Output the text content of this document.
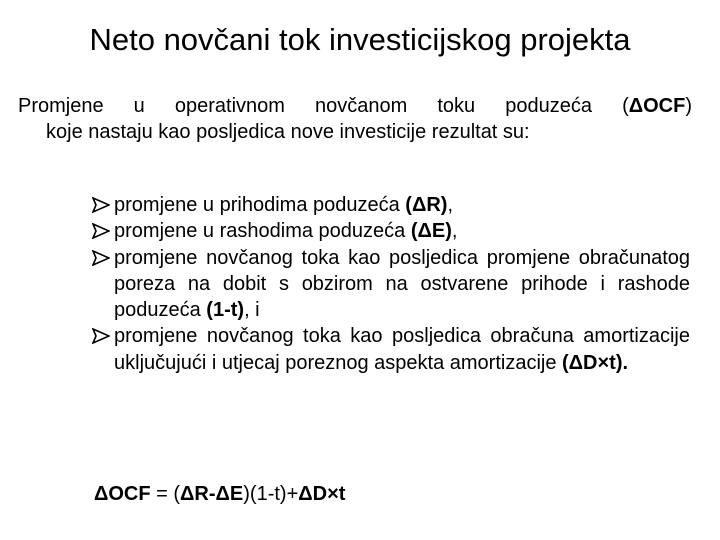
Neto novčani tok investicijskog projekta
Promjene u operativnom novčanom toku poduzeća (ΔOCF)
koje nastaju kao posljedica nove investicije rezultat su:
promjene u prihodima poduzeća (ΔR),
promjene u rashodima poduzeća (ΔE),
promjene novčanog toka kao posljedica promjene obračunatog poreza na dobit s obzirom na ostvarene prihode i rashode poduzeća (1-t), i
promjene novčanog toka kao posljedica obračuna amortizacije uključujući i utjecaj poreznog aspekta amortizacije (ΔD×t).
ΔOCF = (ΔR-ΔE)(1-t)+ΔD×t
